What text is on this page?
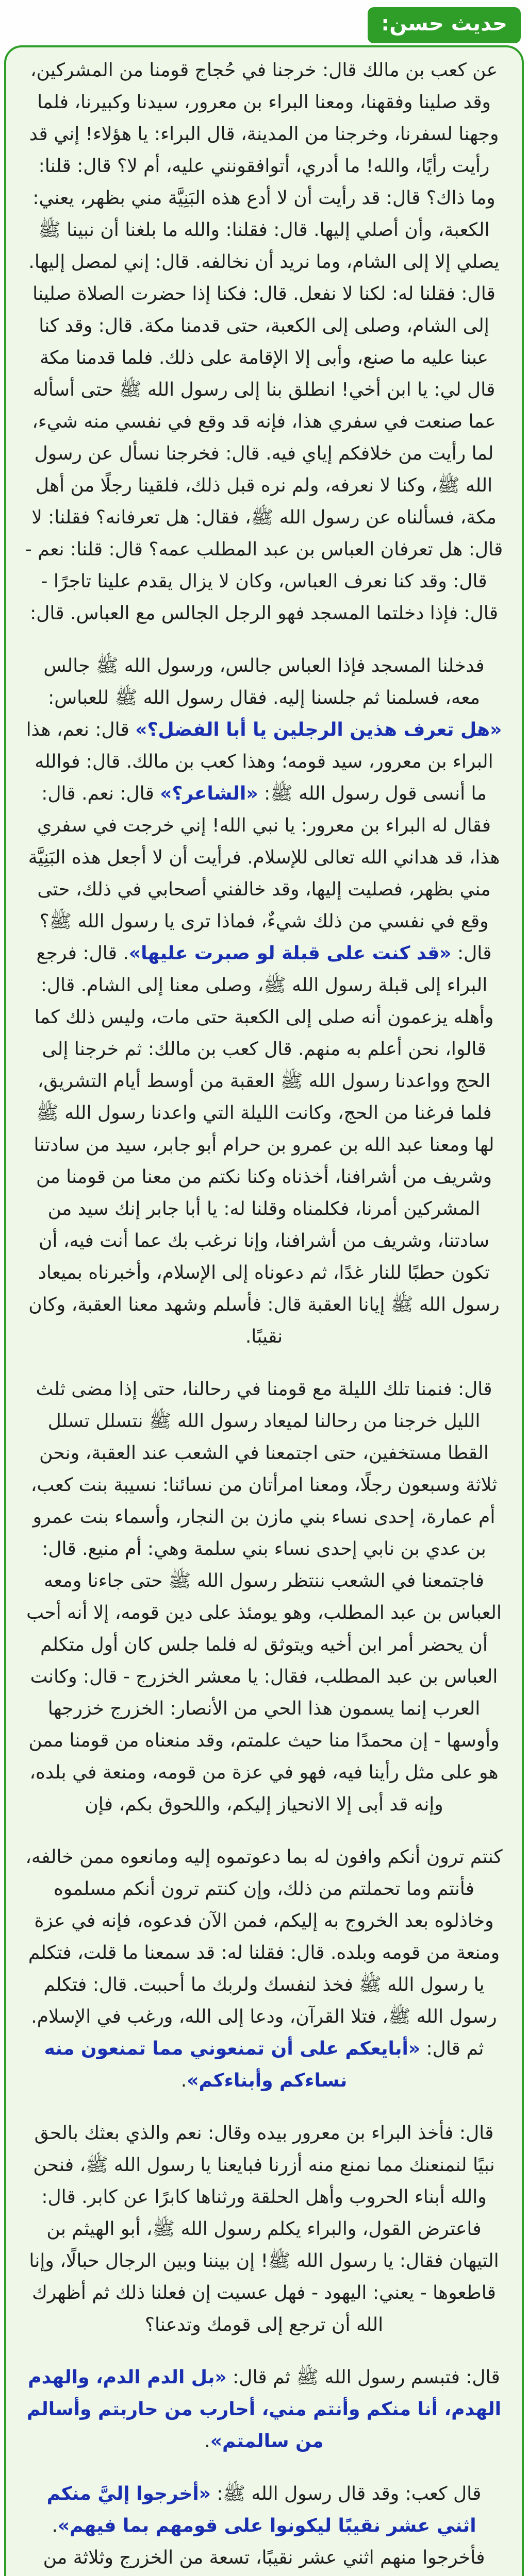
حديث حسن:

عن كعب بن مالك قال: خرجنا في حُجاج قومنا من المشركين، وقد صلينا وفقهنا، ومعنا البراء بن معرور، سيدنا وكبيرنا، فلما وجهنا لسفرنا، وخرجنا من المدينة، قال البراء: يا هؤلاء! إني قد رأيت رأيًا، والله! ما أدري، أتوافقونني عليه، أم لا؟ قال: قلنا: وما ذاك؟ قال: قد رأيت أن لا أدع هذه البَنِيَّة مني بظهر، يعني: الكعبة، وأن أصلي إليها. قال: فقلنا: والله ما بلغنا أن نبينا ﷺ يصلي إلا إلى الشام، وما نريد أن نخالفه. قال: إني لمصل إليها. قال: فقلنا له: لكنا لا نفعل. قال: فكنا إذا حضرت الصلاة صلينا إلى الشام، وصلى إلى الكعبة، حتى قدمنا مكة. قال: وقد كنا عبنا عليه ما صنع، وأبى إلا الإقامة على ذلك. فلما قدمنا مكة قال لي: يا ابن أخي! انطلق بنا إلى رسول الله ﷺ حتى أسأله عما صنعت في سفري هذا، فإنه قد وقع في نفسي منه شيء، لما رأيت من خلافكم إياي فيه. قال: فخرجنا نسأل عن رسول الله ﷺ، وكنا لا نعرفه، ولم نره قبل ذلك، فلقينا رجلًا من أهل مكة، فسألناه عن رسول الله ﷺ، فقال: هل تعرفانه؟ فقلنا: لا قال: هل تعرفان العباس بن عبد المطلب عمه؟ قال: قلنا: نعم - قال: وقد كنا نعرف العباس، وكان لا يزال يقدم علينا تاجرًا - قال: فإذا دخلتما المسجد فهو الرجل الجالس مع العباس. قال:

فدخلنا المسجد فإذا العباس جالس، ورسول الله ﷺ جالس معه، فسلمنا ثم جلسنا إليه. فقال رسول الله ﷺ للعباس: «هل تعرف هذين الرجلين يا أبا الفضل؟» قال: نعم، هذا البراء بن معرور، سيد قومه؛ وهذا كعب بن مالك. قال: فوالله ما أنسى قول رسول الله ﷺ: «الشاعر؟» قال: نعم. قال: فقال له البراء بن معرور: يا نبي الله! إني خرجت في سفري هذا، قد هداني الله تعالى للإسلام. فرأيت أن لا أجعل هذه البَنِيَّة مني بظهر، فصليت إليها، وقد خالفني أصحابي في ذلك، حتى وقع في نفسي من ذلك شيءٌ، فماذا ترى يا رسول الله ﷺ؟ قال: «قد كنت على قبلة لو صبرت عليها». قال: فرجع البراء إلى قبلة رسول الله ﷺ، وصلى معنا إلى الشام. قال: وأهله يزعمون أنه صلى إلى الكعبة حتى مات، وليس ذلك كما قالوا، نحن أعلم به منهم. قال كعب بن مالك: ثم خرجنا إلى الحج وواعدنا رسول الله ﷺ العقبة من أوسط أيام التشريق، فلما فرغنا من الحج، وكانت الليلة التي واعدنا رسول الله ﷺ لها ومعنا عبد الله بن عمرو بن حرام أبو جابر، سيد من سادتنا وشريف من أشرافنا، أخذناه وكنا نكتم من معنا من قومنا من المشركين أمرنا، فكلمناه وقلنا له: يا أبا جابر إنك سيد من سادتنا، وشريف من أشرافنا، وإنا نرغب بك عما أنت فيه، أن تكون حطبًا للنار غدًا، ثم دعوناه إلى الإسلام، وأخبرناه بميعاد رسول الله ﷺ إيانا العقبة قال: فأسلم وشهد معنا العقبة، وكان نقيبًا.

قال: فنمنا تلك الليلة مع قومنا في رحالنا، حتى إذا مضى ثلث الليل خرجنا من رحالنا لميعاد رسول الله ﷺ نتسلل تسلل القطا مستخفين، حتى اجتمعنا في الشعب عند العقبة، ونحن ثلاثة وسبعون رجلًا، ومعنا امرأتان من نسائنا: نسيبة بنت كعب، أم عمارة، إحدى نساء بني مازن بن النجار، وأسماء بنت عمرو بن عدي بن نابي إحدى نساء بني سلمة وهي: أم منيع. قال: فاجتمعنا في الشعب ننتظر رسول الله ﷺ حتى جاءنا ومعه العباس بن عبد المطلب، وهو يومئذ على دين قومه، إلا أنه أحب أن يحضر أمر ابن أخيه ويتوثق له فلما جلس كان أول متكلم العباس بن عبد المطلب، فقال: يا معشر الخزرج - قال: وكانت العرب إنما يسمون هذا الحي من الأنصار: الخزرج خزرجها وأوسها - إن محمدًا منا حيث علمتم، وقد منعناه من قومنا ممن هو على مثل رأينا فيه، فهو في عزة من قومه، ومنعة في بلده، وإنه قد أبى إلا الانحياز إليكم، واللحوق بكم، فإن

كنتم ترون أنكم وافون له بما دعوتموه إليه ومانعوه ممن خالفه، فأنتم وما تحملتم من ذلك، وإن كنتم ترون أنكم مسلموه وخاذلوه بعد الخروج به إليكم، فمن الآن فدعوه، فإنه في عزة ومنعة من قومه وبلده. قال: فقلنا له: قد سمعنا ما قلت، فتكلم يا رسول الله ﷺ فخذ لنفسك ولربك ما أحببت. قال: فتكلم رسول الله ﷺ، فتلا القرآن، ودعا إلى الله، ورغب في الإسلام. ثم قال: «أبايعكم على أن تمنعوني مما تمنعون منه نساءكم وأبناءكم».

قال: فأخذ البراء بن معرور بيده وقال: نعم والذي بعثك بالحق نبيًا لنمنعنك مما نمنع منه أزرنا فبايعنا يا رسول الله ﷺ، فنحن والله أبناء الحروب وأهل الحلقة ورثناها كابرًا عن كابر. قال: فاعترض القول، والبراء يكلم رسول الله ﷺ، أبو الهيثم بن التيهان فقال: يا رسول الله ﷺ! إن بيننا وبين الرجال حبالًا، وإنا قاطعوها - يعني: اليهود - فهل عسيت إن فعلنا ذلك ثم أظهرك الله أن ترجع إلى قومك وتدعنا؟

قال: فتبسم رسول الله ﷺ ثم قال: «بل الدم الدم، والهدم الهدم، أنا منكم وأنتم مني، أحارب من حاربتم وأسالم من سالمتم».

قال كعب: وقد قال رسول الله ﷺ: «أخرجوا إليَّ منكم اثني عشر نقيبًا ليكونوا على قومهم بما فيهم». فأخرجوا منهم اثني عشر نقيبًا، تسعة من الخزرج وثلاثة من
